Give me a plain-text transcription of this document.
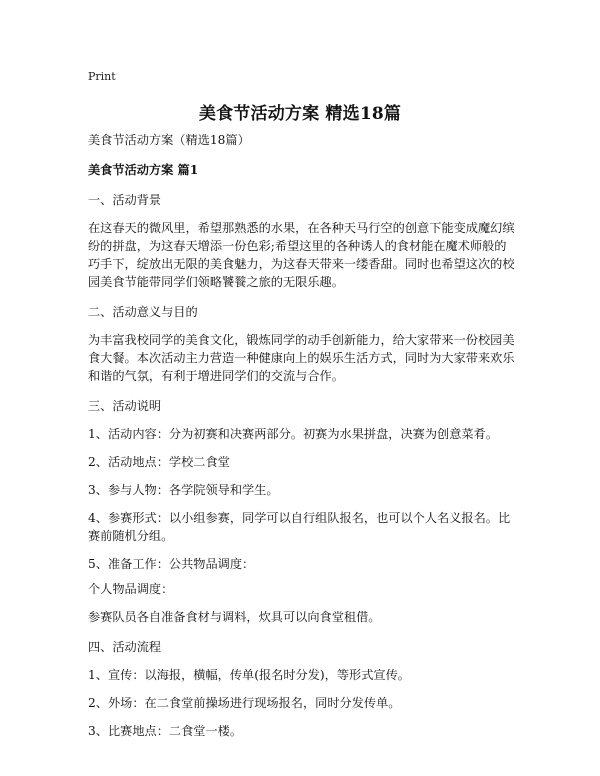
Print
美食节活动方案 精选18篇

美食节活动方案（精选18篇）

美食节活动方案 篇1

一、活动背景

在这春天的微风里，希望那熟悉的水果，在各种天马行空的创意下能变成魔幻缤纷的拼盘，为这春天增添一份色彩;希望这里的各种诱人的食材能在魔术师般的巧手下，绽放出无限的美食魅力，为这春天带来一缕香甜。同时也希望这次的校园美食节能带同学们领略饕餮之旅的无限乐趣。

二、活动意义与目的

为丰富我校同学的美食文化，锻炼同学的动手创新能力，给大家带来一份校园美食大餐。本次活动主力营造一种健康向上的娱乐生活方式，同时为大家带来欢乐和谐的气氛，有利于增进同学们的交流与合作。

三、活动说明

1、活动内容：分为初赛和决赛两部分。初赛为水果拼盘，决赛为创意菜肴。

2、活动地点：学校二食堂

3、参与人物：各学院领导和学生。

4、参赛形式：以小组参赛，同学可以自行组队报名，也可以个人名义报名。比赛前随机分组。

5、准备工作：公共物品调度：

个人物品调度：

参赛队员各自准备食材与调料，炊具可以向食堂租借。

四、活动流程

1、宣传：以海报，横幅，传单(报名时分发)，等形式宣传。

2、外场：在二食堂前操场进行现场报名，同时分发传单。

3、比赛地点：二食堂一楼。
